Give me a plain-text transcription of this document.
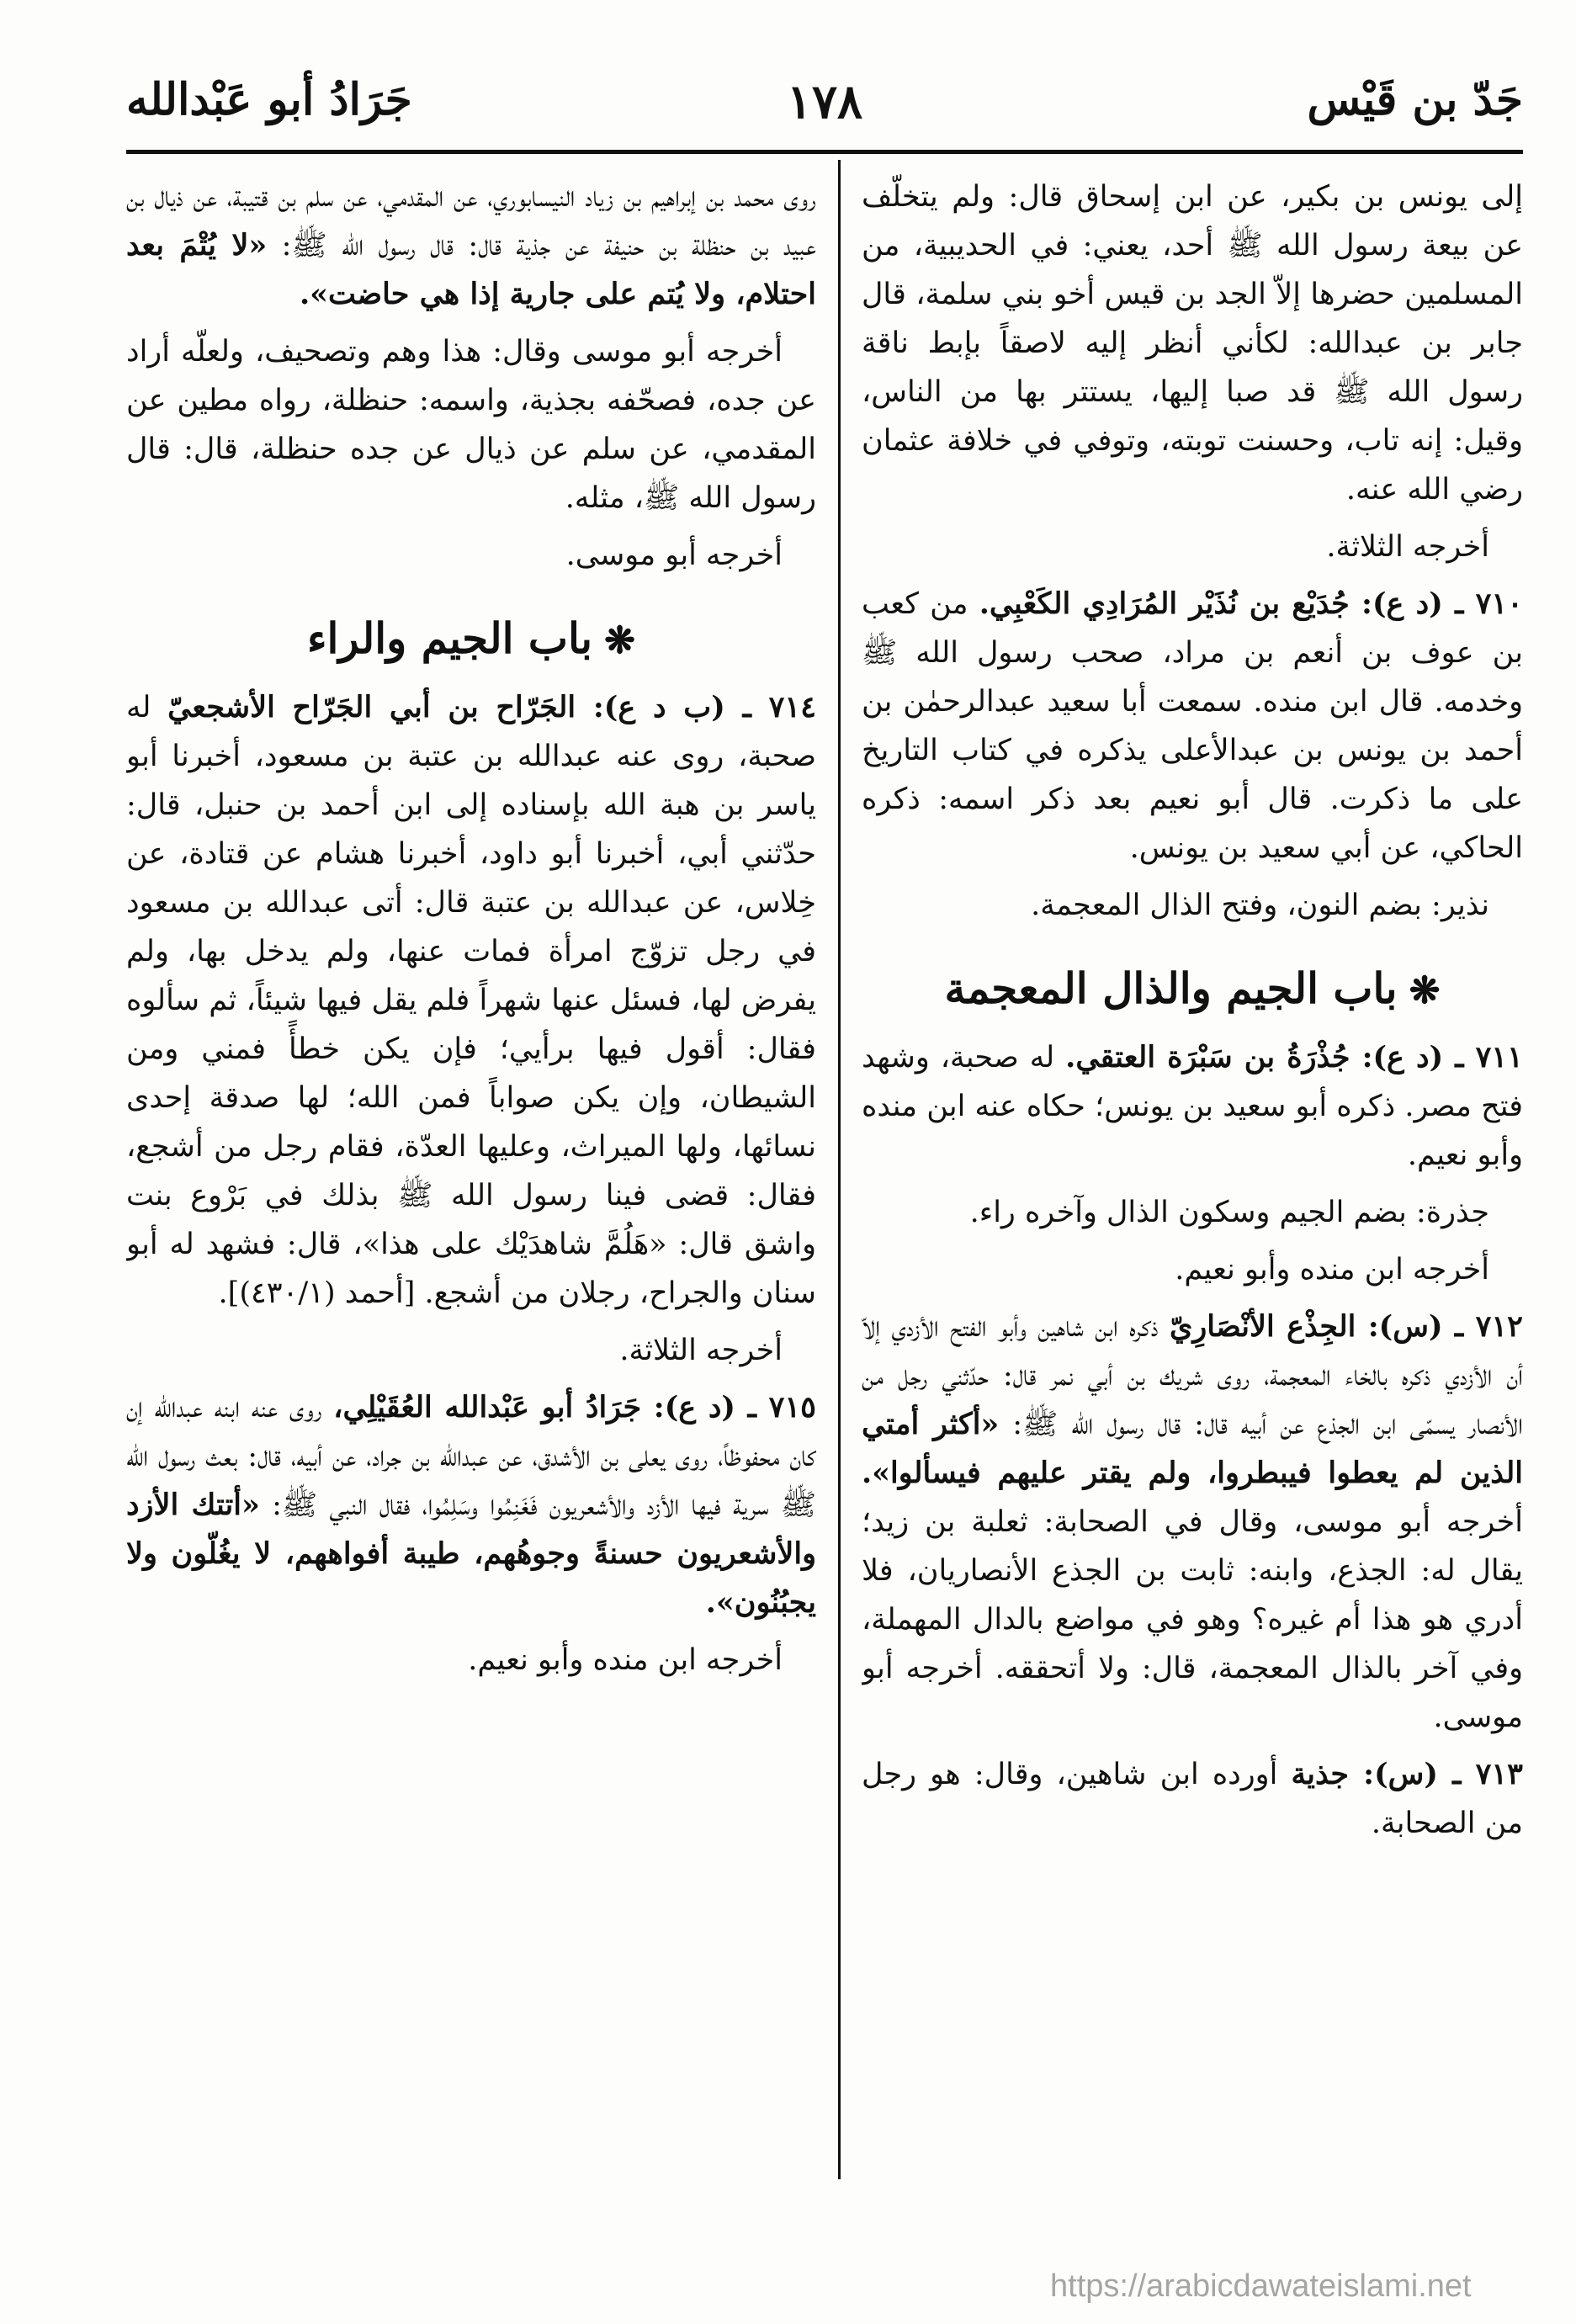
جَدّ بن قَيْس
١٧٨
جَرَادُ أبو عَبْدالله

إلى يونس بن بكير، عن ابن إسحاق قال: ولم يتخلّف عن بيعة رسول الله ﷺ أحد، يعني: في الحديبية، من المسلمين حضرها إلاّ الجد بن قيس أخو بني سلمة، قال جابر بن عبدالله: لكأني أنظر إليه لاصقاً بإبط ناقة رسول الله ﷺ قد صبا إليها، يستتر بها من الناس، وقيل: إنه تاب، وحسنت توبته، وتوفي في خلافة عثمان رضي الله عنه.

أخرجه الثلاثة.

٧١٠ ـ (د ع): جُدَيْع بن نُذَيْر المُرَادِي الكَعْبِي. من كعب بن عوف بن أنعم بن مراد، صحب رسول الله ﷺ وخدمه. قال ابن منده. سمعت أبا سعيد عبدالرحمٰن بن أحمد بن يونس بن عبدالأعلى يذكره في كتاب التاريخ على ما ذكرت. قال أبو نعيم بعد ذكر اسمه: ذكره الحاكي، عن أبي سعيد بن يونس.

نذير: بضم النون، وفتح الذال المعجمة.

❋باب الجيم والذال المعجمة

٧١١ ـ (د ع): جُذْرَةُ بن سَبْرَة العتقي. له صحبة، وشهد فتح مصر. ذكره أبو سعيد بن يونس؛ حكاه عنه ابن منده وأبو نعيم.

جذرة: بضم الجيم وسكون الذال وآخره راء.

أخرجه ابن منده وأبو نعيم.

٧١٢ ـ (س): الجِذْع الأنْصَارِيّ ذكره ابن شاهين وأبو الفتح الأزدي إلاّ أن الأزدي ذكره بالخاء المعجمة، روى شريك بن أبي نمر قال: حدّثني رجل من الأنصار يسمّى ابن الجذع عن أبيه قال: قال رسول الله ﷺ: «أكثر أمتي الذين لم يعطوا فيبطروا، ولم يقتر عليهم فيسألوا». أخرجه أبو موسى، وقال في الصحابة: ثعلبة بن زيد؛ يقال له: الجذع، وابنه: ثابت بن الجذع الأنصاريان، فلا أدري هو هذا أم غيره؟ وهو في مواضع بالدال المهملة، وفي آخر بالذال المعجمة، قال: ولا أتحققه. أخرجه أبو موسى.

٧١٣ ـ (س): جذية أورده ابن شاهين، وقال: هو رجل من الصحابة.

روى محمد بن إبراهيم بن زياد النيسابوري، عن المقدمي، عن سلم بن قتيبة، عن ذيال بن عبيد بن حنظلة بن حنيفة عن جذية قال: قال رسول الله ﷺ: «لا يُتْمَ بعد احتلام، ولا يُتم على جارية إذا هي حاضت».

أخرجه أبو موسى وقال: هذا وهم وتصحيف، ولعلّه أراد عن جده، فصحّفه بجذية، واسمه: حنظلة، رواه مطين عن المقدمي، عن سلم عن ذيال عن جده حنظلة، قال: قال رسول الله ﷺ، مثله.

أخرجه أبو موسى.

❋باب الجيم والراء

٧١٤ ـ (ب د ع): الجَرّاح بن أبي الجَرّاح الأشجعيّ له صحبة، روى عنه عبدالله بن عتبة بن مسعود، أخبرنا أبو ياسر بن هبة الله بإسناده إلى ابن أحمد بن حنبل، قال: حدّثني أبي، أخبرنا أبو داود، أخبرنا هشام عن قتادة، عن خِلاس، عن عبدالله بن عتبة قال: أتى عبدالله بن مسعود في رجل تزوّج امرأة فمات عنها، ولم يدخل بها، ولم يفرض لها، فسئل عنها شهراً فلم يقل فيها شيئاً، ثم سألوه فقال: أقول فيها برأيي؛ فإن يكن خطأً فمني ومن الشيطان، وإن يكن صواباً فمن الله؛ لها صدقة إحدى نسائها، ولها الميراث، وعليها العدّة، فقام رجل من أشجع، فقال: قضى فينا رسول الله ﷺ بذلك في بَرْوع بنت واشق قال: «هَلُمَّ شاهدَيْك على هذا»، قال: فشهد له أبو سنان والجراح، رجلان من أشجع. [أحمد (٤٣٠/١)].

أخرجه الثلاثة.

٧١٥ ـ (د ع): جَرَادُ أبو عَبْدالله العُقَيْلِي، روى عنه ابنه عبدالله إن كان محفوظاً، روى يعلى بن الأشدق، عن عبدالله بن جراد، عن أبيه، قال: بعث رسول الله ﷺ سرية فيها الأزد والأشعريون فَغَنِمُوا وسَلِمُوا، فقال النبي ﷺ: «أتتك الأزد والأشعريون حسنةً وجوهُهم، طيبة أفواههم، لا يغُلّون ولا يجبُنُون».

أخرجه ابن منده وأبو نعيم.

https://arabicdawateislami.net
